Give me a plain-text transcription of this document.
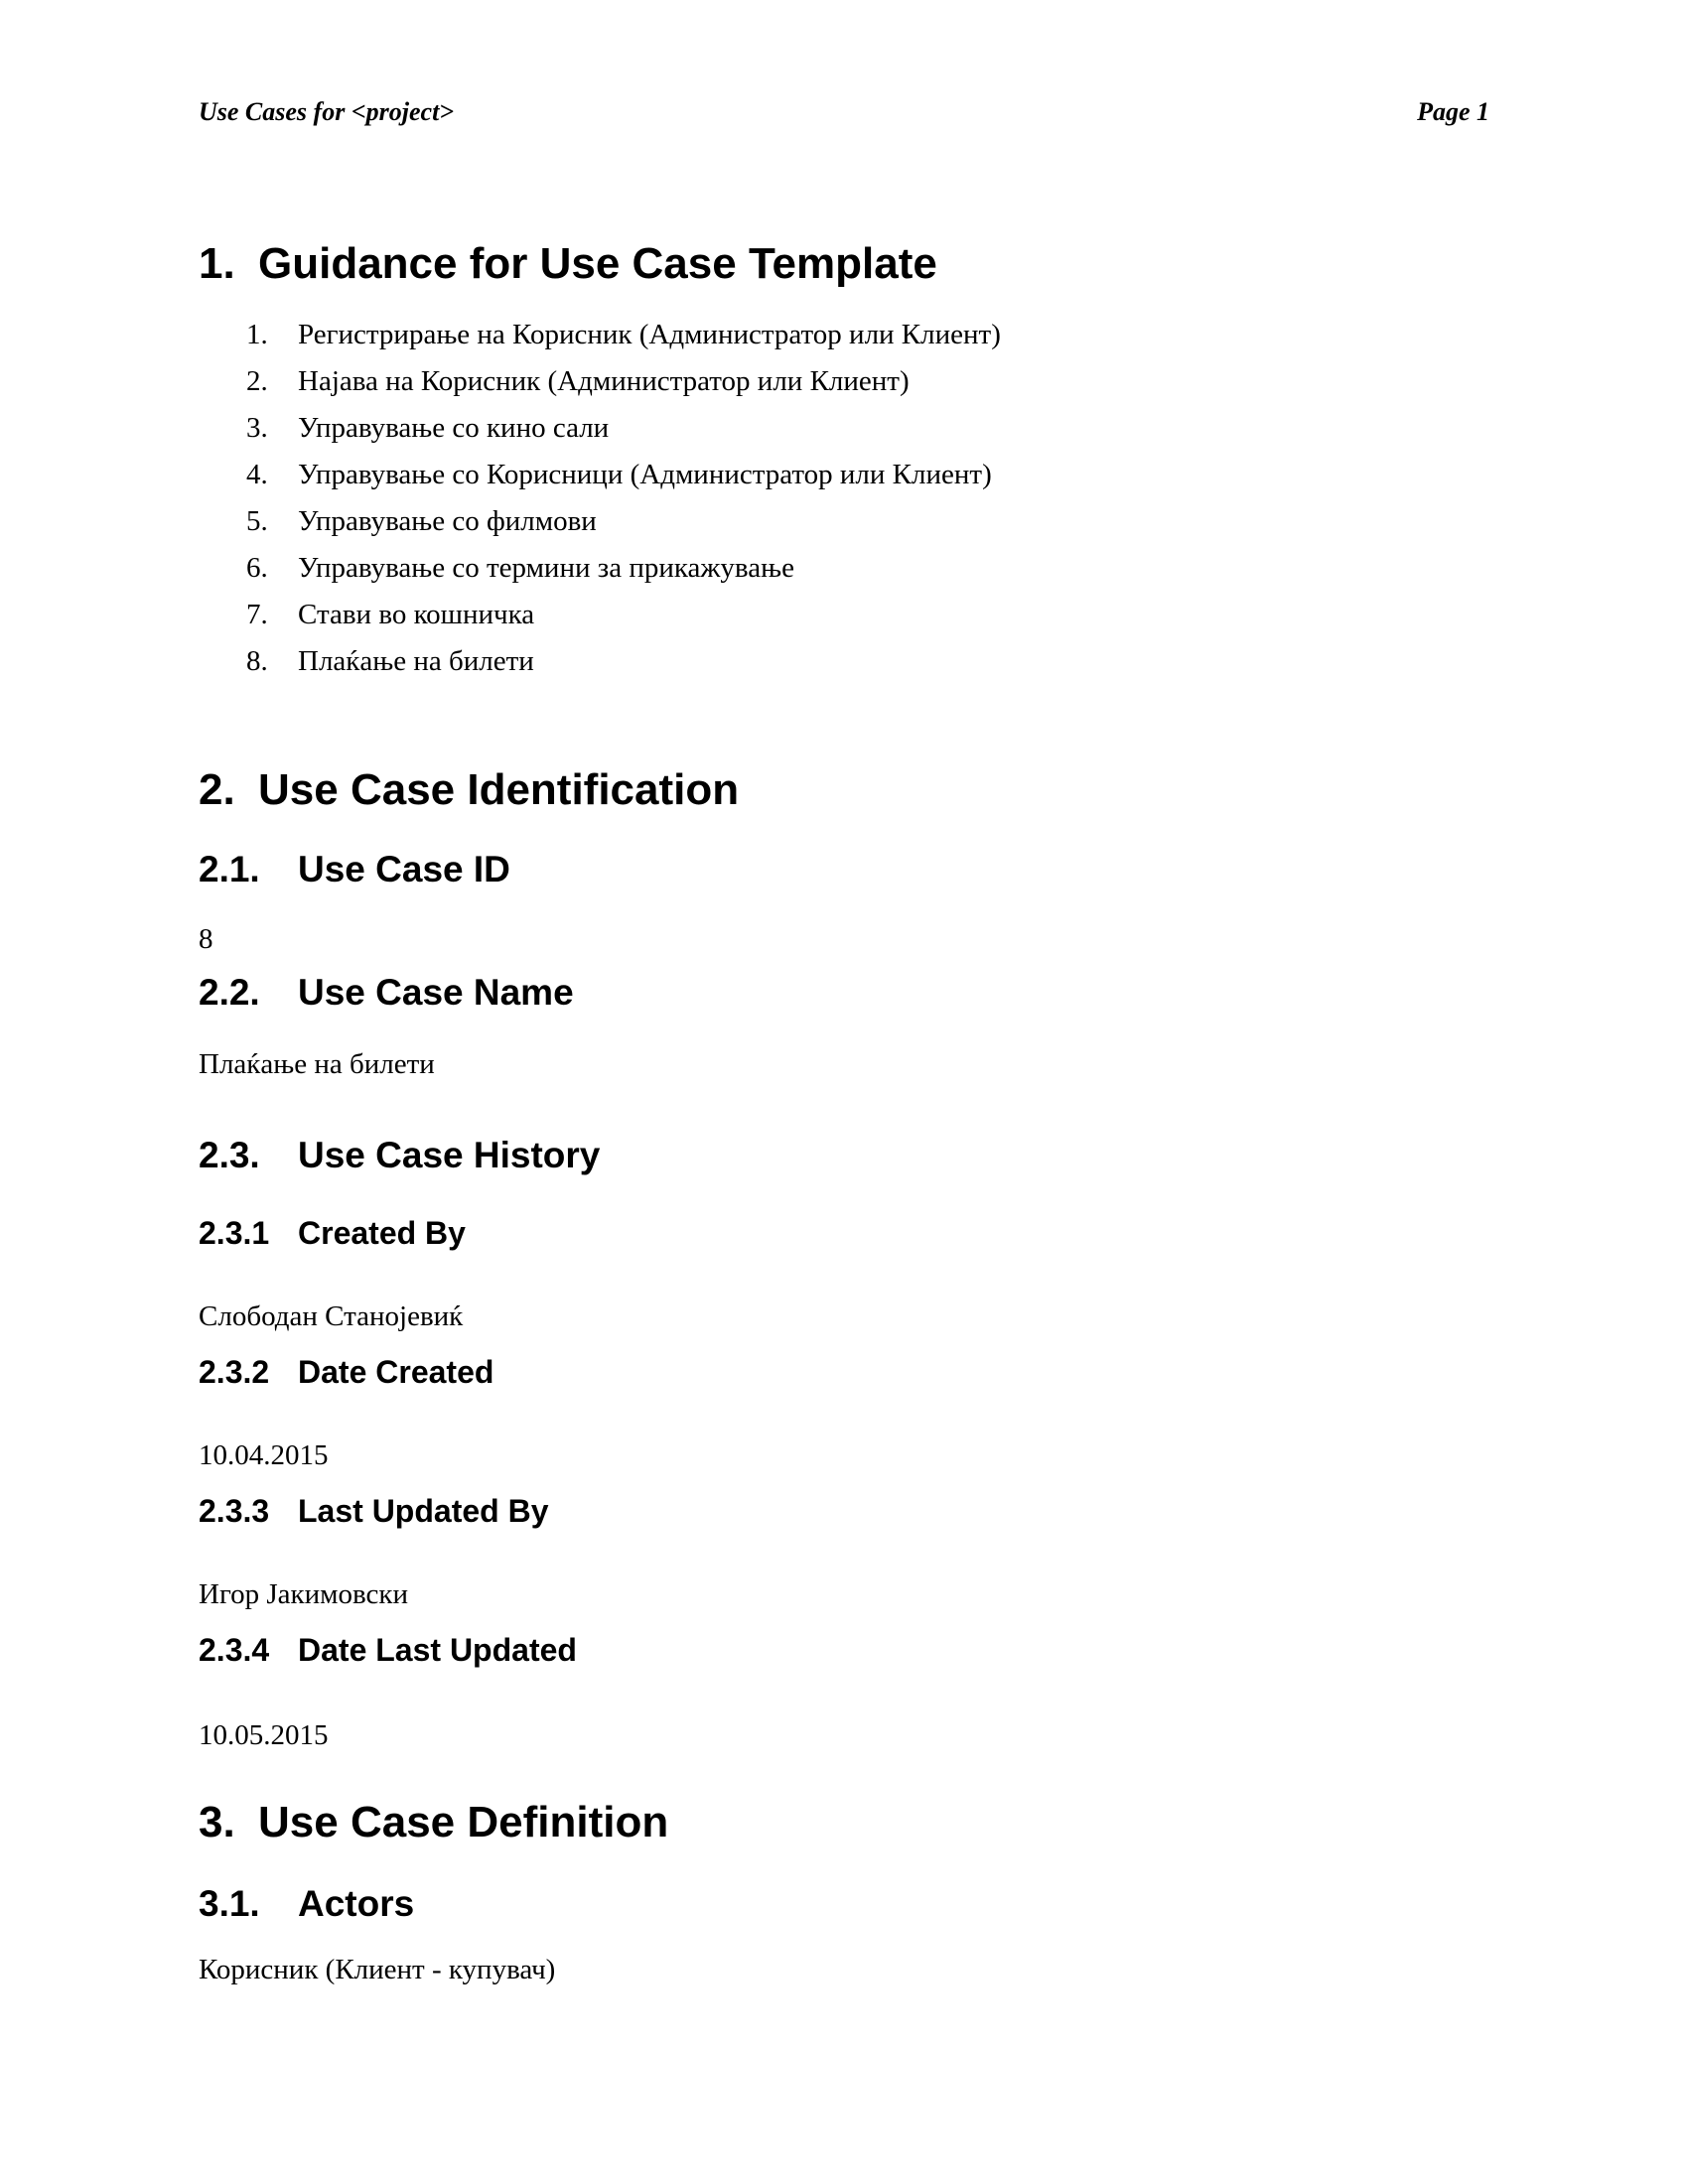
Use Cases for <project>	Page 1
1. Guidance for Use Case Template
1.	Регистрирање на Корисник (Администратор или Клиент)
2.	Најава на Корисник (Администратор или Клиент)
3.	Управување со кино сали
4.	Управување со Корисници (Администратор или Клиент)
5.	Управување со филмови
6.	Управување со термини за прикажување
7.	Стави во кошничка
8.	Плаќање на билети
2. Use Case Identification
2.1.	Use Case ID

8

2.2.	Use Case Name

Плаќање на билети

2.3.	Use Case History
2.3.1 Created By

Слободан Станојевиќ

2.3.2 Date Created

10.04.2015

2.3.3 Last Updated By

Игор Јакимовски

2.3.4 Date Last Updated

10.05.2015

3. Use Case Definition
3.1.	Actors

Корисник (Клиент - купувач)
